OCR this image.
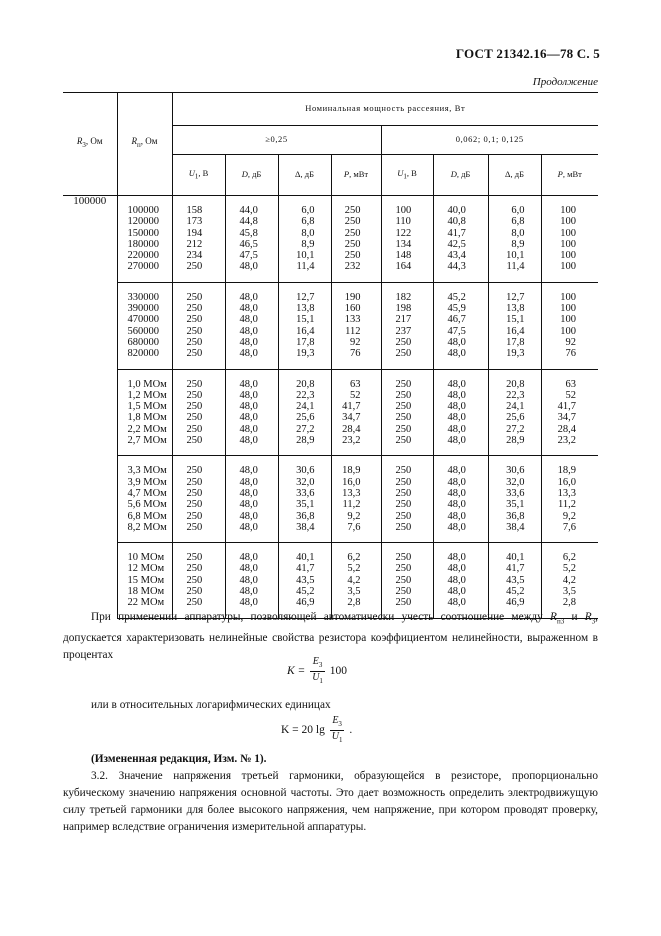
ГОСТ 21342.16—78 С. 5
Продолжение
$R_3$, Ом	$R_п$, Ом	Номинальная мощность рассеяния, Вт							
		≥0,25				0,062; 0,1; 0,125			
		$U_1$, В	D, дБ	Δ, дБ	P, мВт	$U_1$, В	D, дБ	Δ, дБ	P, мВт
100000	100000	158	44,0	6,0	250	100	40,0	6,0	100
	120000	173	44,8	6,8	250	110	40,8	6,8	100
	150000	194	45,8	8,0	250	122	41,7	8,0	100
	180000	212	46,5	8,9	250	134	42,5	8,9	100
	220000	234	47,5	10,1	250	148	43,4	10,1	100
	270000	250	48,0	11,4	232	164	44,3	11,4	100
	330000	250	48,0	12,7	190	182	45,2	12,7	100
	390000	250	48,0	13,8	160	198	45,9	13,8	100
	470000	250	48,0	15,1	133	217	46,7	15,1	100
	560000	250	48,0	16,4	112	237	47,5	16,4	100
	680000	250	48,0	17,8	92	250	48,0	17,8	92
	820000	250	48,0	19,3	76	250	48,0	19,3	76
	1,0 МОм	250	48,0	20,8	63	250	48,0	20,8	63
	1,2 МОм	250	48,0	22,3	52	250	48,0	22,3	52
	1,5 МОм	250	48,0	24,1	41,7	250	48,0	24,1	41,7
	1,8 МОм	250	48,0	25,6	34,7	250	48,0	25,6	34,7
	2,2 МОм	250	48,0	27,2	28,4	250	48,0	27,2	28,4
	2,7 МОм	250	48,0	28,9	23,2	250	48,0	28,9	23,2
	3,3 МОм	250	48,0	30,6	18,9	250	48,0	30,6	18,9
	3,9 МОм	250	48,0	32,0	16,0	250	48,0	32,0	16,0
	4,7 МОм	250	48,0	33,6	13,3	250	48,0	33,6	13,3
	5,6 МОм	250	48,0	35,1	11,2	250	48,0	35,1	11,2
	6,8 МОм	250	48,0	36,8	9,2	250	48,0	36,8	9,2
	8,2 МОм	250	48,0	38,4	7,6	250	48,0	38,4	7,6
	10 МОм	250	48,0	40,1	6,2	250	48,0	40,1	6,2
	12 МОм	250	48,0	41,7	5,2	250	48,0	41,7	5,2
	15 МОм	250	48,0	43,5	4,2	250	48,0	43,5	4,2
	18 МОм	250	48,0	45,2	3,5	250	48,0	45,2	3,5
	22 МОм	250	48,0	46,9	2,8	250	48,0	46,9	2,8
При применении аппаратуры, позволяющей автоматически учесть соотношение между $R_{п3}$ и $R_3$, допускается характеризовать нелинейные свойства резистора коэффициентом нелинейности, выраженном в процентах
$K = \frac{E_3}{U_1} 100$
или в относительных логарифмических единицах
K = 20 $\lg \frac{E_3}{U_1}$ .
(Измененная редакция, Изм. № 1).
3.2. Значение напряжения третьей гармоники, образующейся в резисторе, пропорционально кубическому значению напряжения основной частоты. Это дает возможность определить электродвижущую силу третьей гармоники для более высокого напряжения, чем напряжение, при котором проводят проверку, например вследствие ограничения измерительной аппаратуры.
